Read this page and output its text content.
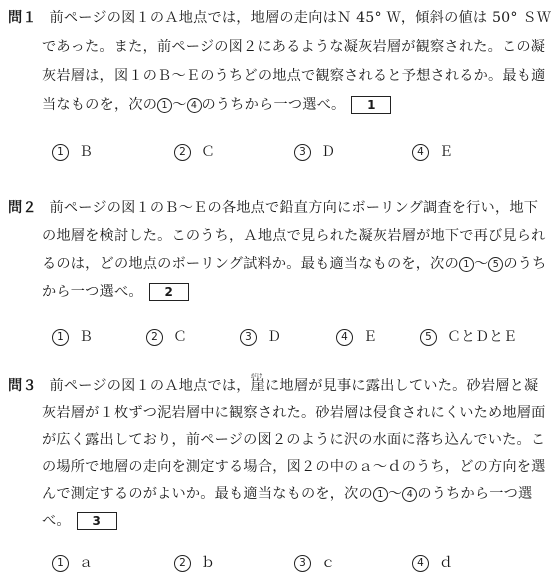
問１ 前ページの図１のＡ地点では，地層の走向はＮ 45° Ｗ，傾斜の値は 50° ＳＷ
であった。また，前ページの図２にあるような凝灰岩層が観察された。この凝
灰岩層は，図１のＢ～Ｅのうちどの地点で観察されると予想されるか。最も適
当なものを，次の 1 ～ 4 のうちから一つ選べ。 1
1 Ｂ	2 Ｃ	3 Ｄ	4 Ｅ
問２ 前ページの図１のＢ～Ｅの各地点で鉛直方向にボーリング調査を行い，地下
の地層を検討した。このうち，Ａ地点で見られた凝灰岩層が地下で再び見られ
るのは，どの地点のボーリング試料か。最も適当なものを，次の 1 ～ 5 のうち
から一つ選べ。 2
1 Ｂ	2 Ｃ	3 Ｄ	4 Ｅ	5 ＣとＤとＥ
問３ 前ページの図１のＡ地点では，
がけ
崖に地層が見事に露出していた。砂岩層と凝
灰岩層が１枚ずつ泥岩層中に観察された。砂岩層は侵食されにくいため地層面
が広く露出しており，前ページの図２のように沢の水面に落ち込んでいた。こ
の場所で地層の走向を測定する場合，図２の中のａ～ｄのうち，どの方向を選
んで測定するのがよいか。最も適当なものを，次の 1 ～ 4 のうちから一つ選
べ。 3
1 ａ	2 ｂ	3 ｃ	4 ｄ
